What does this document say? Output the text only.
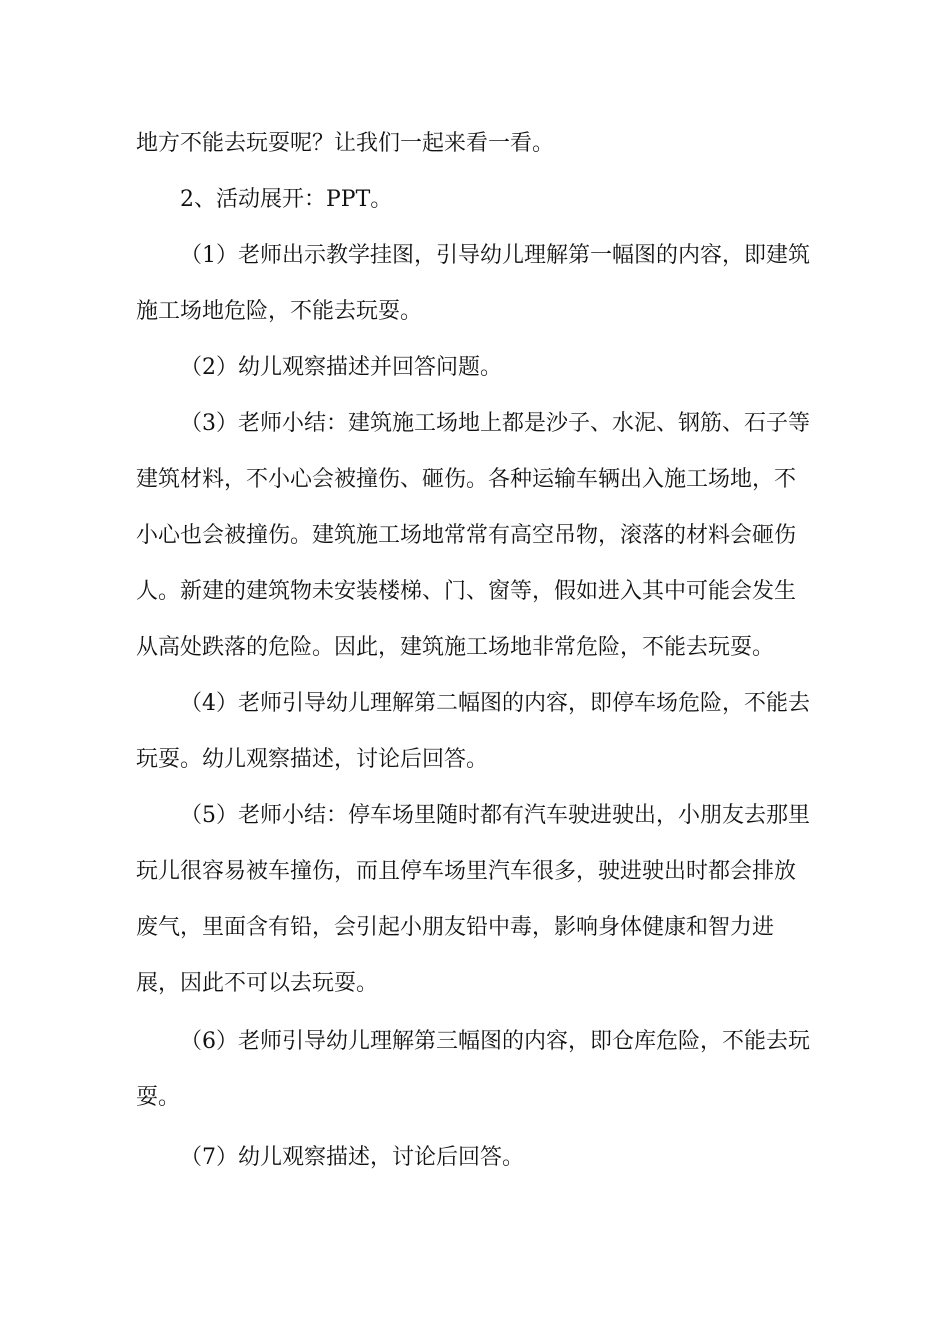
地方不能去玩耍呢？让我们一起来看一看。
2、活动展开：PPT。
（1）老师出示教学挂图，引导幼儿理解第一幅图的内容，即建筑
施工场地危险，不能去玩耍。
（2）幼儿观察描述并回答问题。
（3）老师小结：建筑施工场地上都是沙子、水泥、钢筋、石子等
建筑材料，不小心会被撞伤、砸伤。各种运输车辆出入施工场地，不
小心也会被撞伤。建筑施工场地常常有高空吊物，滚落的材料会砸伤
人。新建的建筑物未安装楼梯、门、窗等，假如进入其中可能会发生
从高处跌落的危险。因此，建筑施工场地非常危险，不能去玩耍。
（4）老师引导幼儿理解第二幅图的内容，即停车场危险，不能去
玩耍。幼儿观察描述，讨论后回答。
（5）老师小结：停车场里随时都有汽车驶进驶出，小朋友去那里
玩儿很容易被车撞伤，而且停车场里汽车很多，驶进驶出时都会排放
废气，里面含有铅，会引起小朋友铅中毒，影响身体健康和智力进
展，因此不可以去玩耍。
（6）老师引导幼儿理解第三幅图的内容，即仓库危险，不能去玩
耍。
（7）幼儿观察描述，讨论后回答。
